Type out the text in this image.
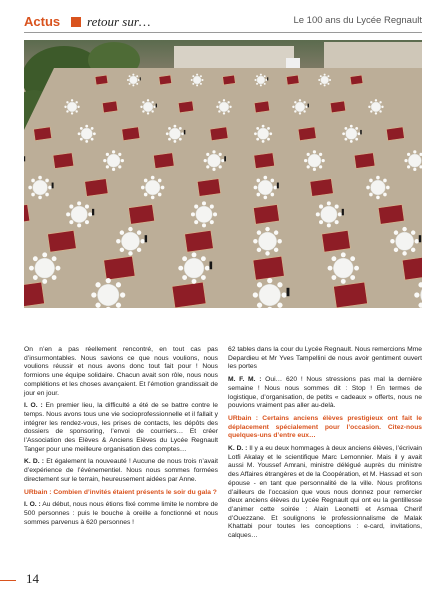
Actus retour sur…	Le 100 ans du Lycée Regnault

On n’en a pas réellement rencontré, en tout cas pas d’insurmontables. Nous savions ce que nous voulions, nous voulions réussir et nous avons donc tout fait pour ! Nous formions une équipe solidaire. Chacun avait son rôle, nous nous complétions et les choses avançaient. Et l’émotion grandissait de jour en jour.

I. O. : En premier lieu, la difficulté a été de se battre contre le temps. Nous avons tous une vie socioprofessionnelle et il fallait y intégrer les rendez-vous, les prises de contacts, les dépôts des dossiers de sponsoring, l’envoi de courriers… Et créer l’Association des Elèves & Anciens Elèves du Lycée Regnault Tanger pour une meilleure organisation des comptes…

K. D. : Et également la nouveauté ! Aucune de nous trois n’avait d’expérience de l’événementiel. Nous nous sommes formées directement sur le terrain, heureusement aidées par Anne.

URbain : Combien d’invités étaient présents le soir du gala ?

I. O. : Au début, nous nous étions fixé comme limite le nombre de 500 personnes : puis le bouche à oreille a fonctionné et nous sommes parvenus à 620 personnes !

62 tables dans la cour du Lycée Regnault. Nous remercions Mme Depardieu et Mr Yves Tampellini de nous avoir gentiment ouvert les portes

M. F. M. : Oui… 620 ! Nous stressions pas mal la dernière semaine ! Nous nous sommes dit : Stop ! En termes de logistique, d’organisation, de petits « cadeaux » offerts, nous ne pouvions vraiment pas aller au-delà.

URbain : Certains anciens élèves prestigieux ont fait le déplacement spécialement pour l’occasion. Citez-nous quelques-uns d’entre eux…

K. D. : Il y a eu deux hommages à deux anciens élèves, l’écrivain Lotfi Akalay et le scientifique Marc Lemonnier. Mais il y avait aussi M. Youssef Amrani, ministre délégué auprès du ministre des Affaires étrangères et de la Coopération, et M. Hassad et son épouse - en tant que personnalité de la ville. Nous profitons d’ailleurs de l’occasion que vous nous donnez pour remercier deux anciens élèves du Lycée Regnault qui ont eu la gentillesse d’animer cette soirée : Alain Leonetti et Asmaa Cherif d’Ouezzane. Et soulignons le professionnalisme de Malak Khattabi pour toutes les conceptions : e-card, invitations, calques…

14
